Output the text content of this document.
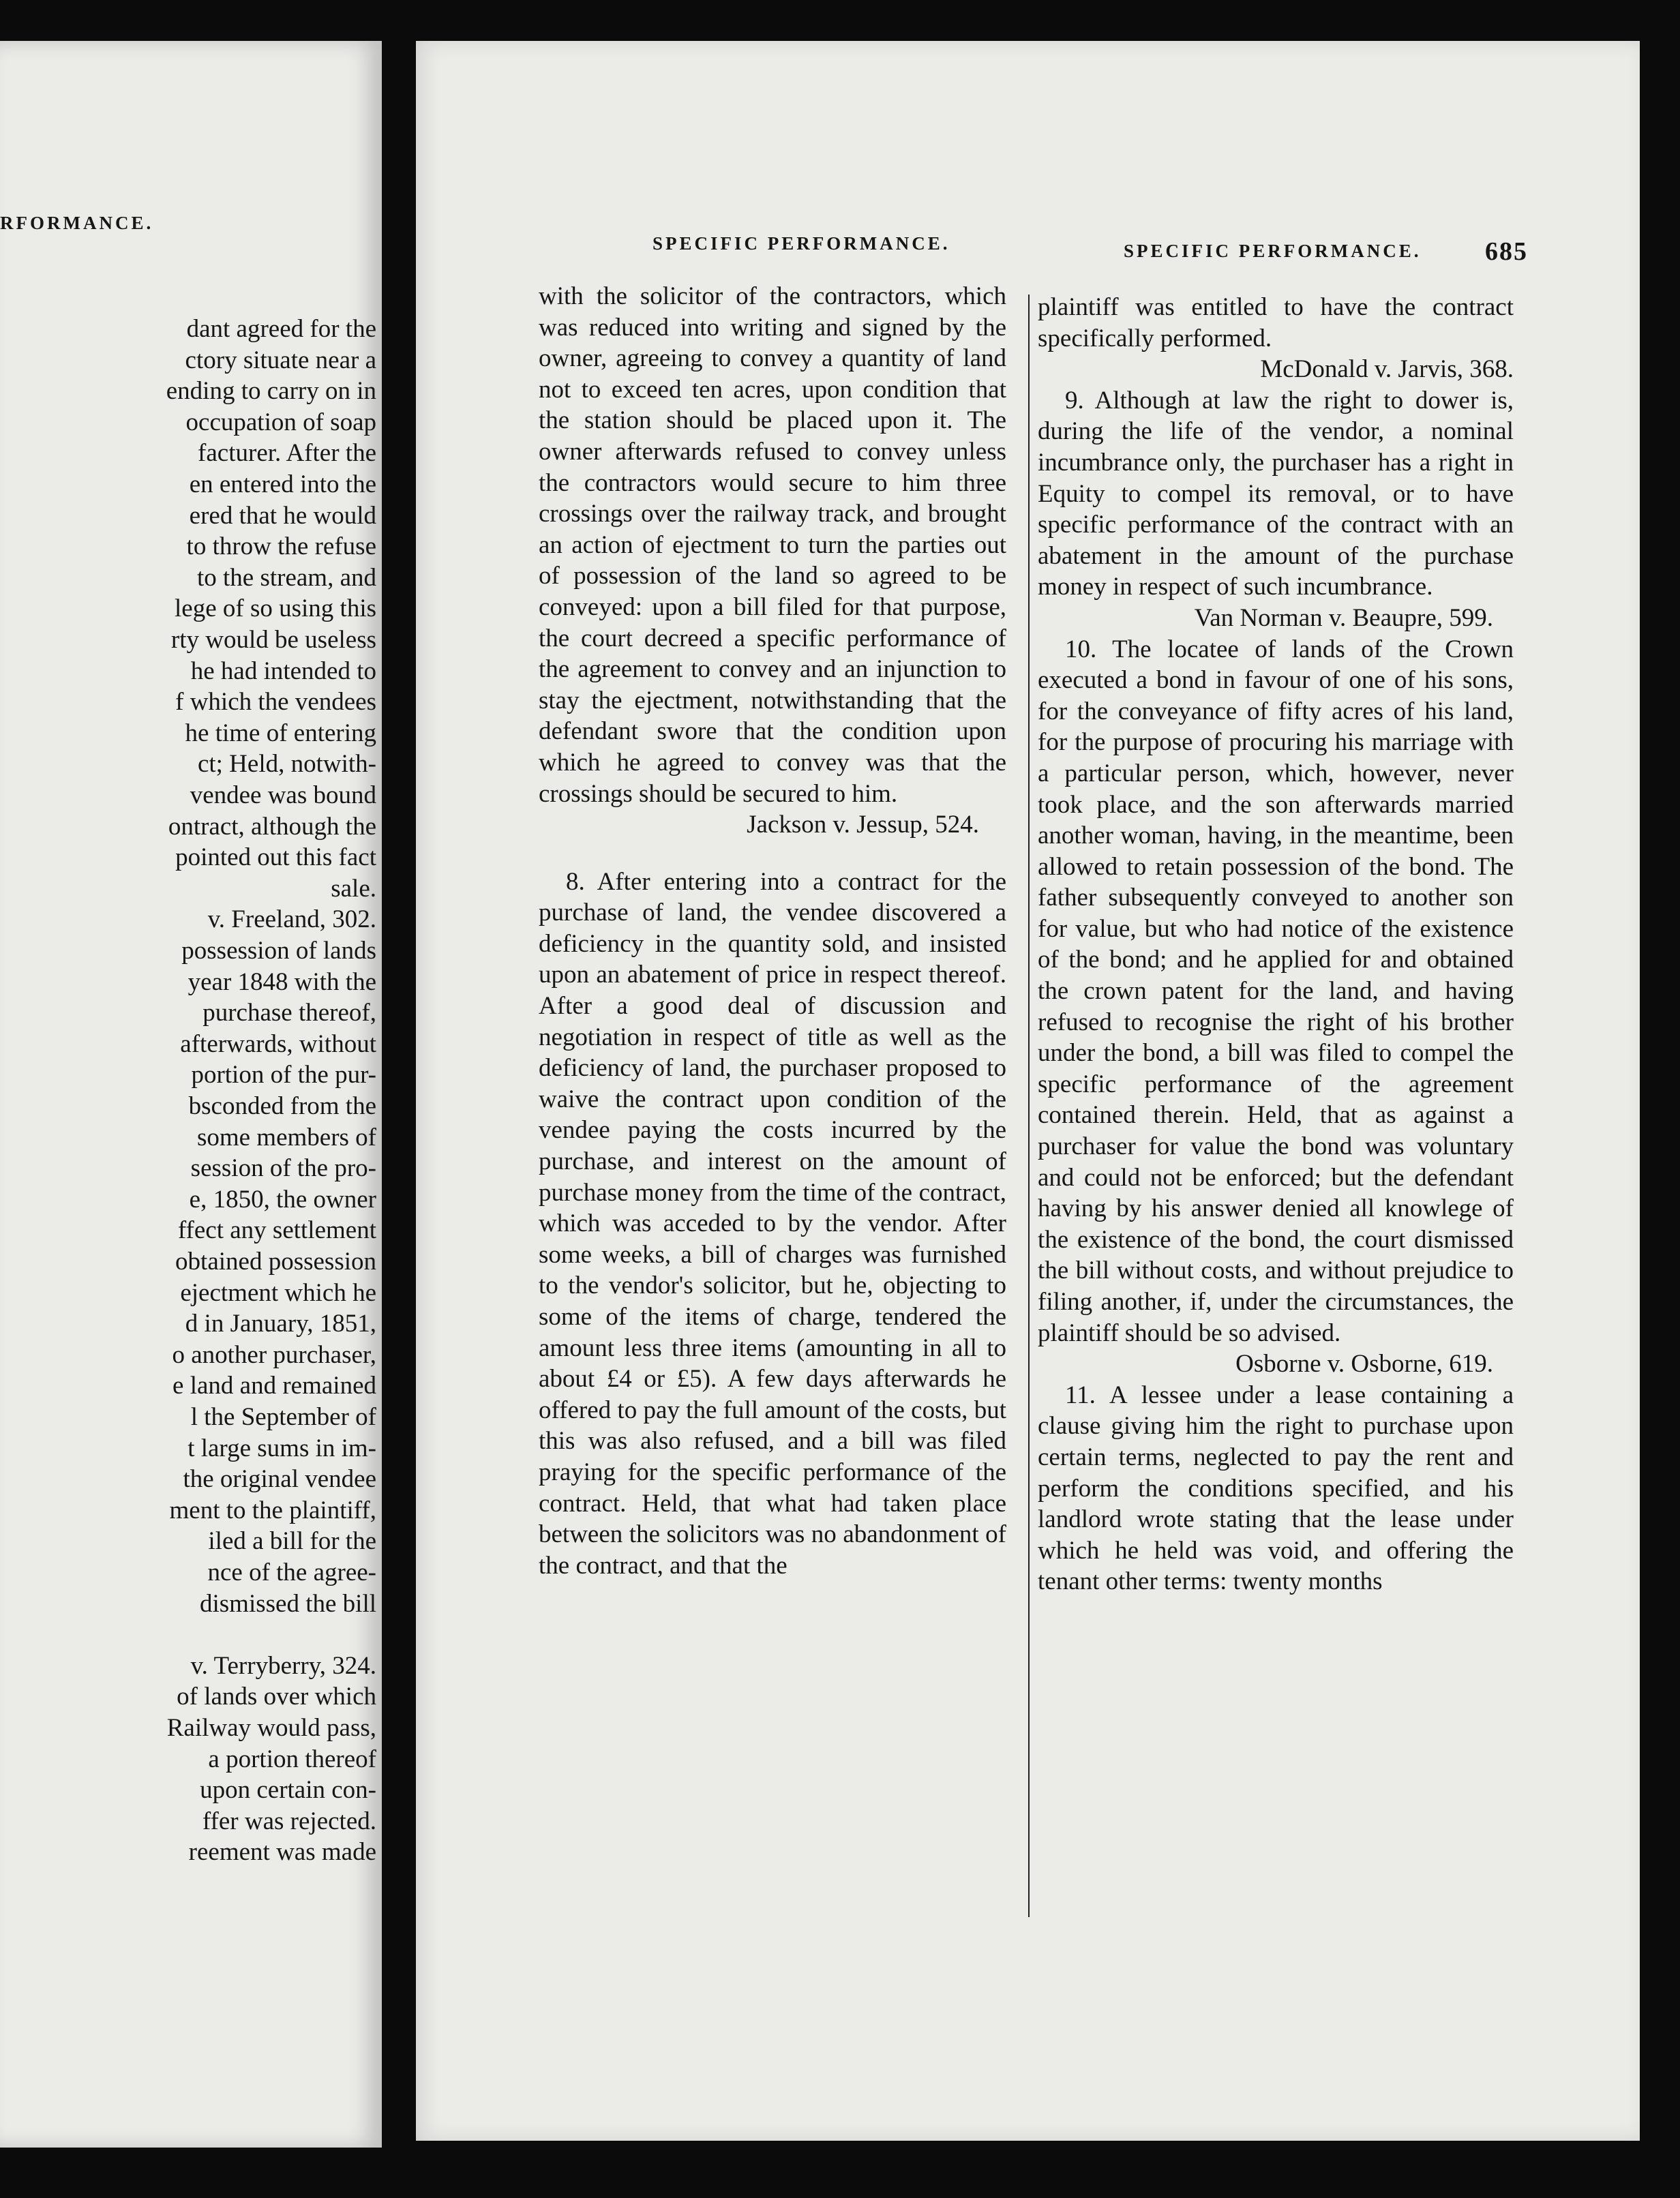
RFORMANCE.
dant agreed for the
ctory situate near a
ending to carry on in
occupation of soap
facturer. After the
en entered into the
ered that he would
to throw the refuse
to the stream, and
lege of so using this
rty would be useless
he had intended to
f which the vendees
he time of entering
ct; Held, notwith-
vendee was bound
ontract, although the
pointed out this fact
sale.
v. Freeland, 302.
possession of lands
year 1848 with the
purchase thereof,
afterwards, without
portion of the pur-
bsconded from the
some members of
session of the pro-
e, 1850, the owner
ffect any settlement
obtained possession
ejectment which he
d in January, 1851,
o another purchaser,
e land and remained
l the September of
t large sums in im-
the original vendee
ment to the plaintiff,
iled a bill for the
nce of the agree-
dismissed the bill
v. Terryberry, 324.
of lands over which
Railway would pass,
a portion thereof
upon certain con-
ffer was rejected.
reement was made
SPECIFIC PERFORMANCE.	SPECIFIC PERFORMANCE. 685

with the solicitor of the contractors, which was reduced into writing and signed by the owner, agreeing to convey a quantity of land not to exceed ten acres, upon condition that the station should be placed upon it. The owner afterwards refused to convey unless the contractors would secure to him three crossings over the railway track, and brought an action of ejectment to turn the parties out of possession of the land so agreed to be conveyed: upon a bill filed for that purpose, the court decreed a specific performance of the agreement to convey and an injunction to stay the ejectment, notwithstanding that the defendant swore that the condition upon which he agreed to convey was that the crossings should be secured to him.

Jackson v. Jessup, 524.

8. After entering into a contract for the purchase of land, the vendee discovered a deficiency in the quantity sold, and insisted upon an abatement of price in respect thereof. After a good deal of discussion and negotiation in respect of title as well as the deficiency of land, the purchaser proposed to waive the contract upon condition of the vendee paying the costs incurred by the purchase, and interest on the amount of purchase money from the time of the contract, which was acceded to by the vendor. After some weeks, a bill of charges was furnished to the vendor's solicitor, but he, objecting to some of the items of charge, tendered the amount less three items (amounting in all to about £4 or £5). A few days afterwards he offered to pay the full amount of the costs, but this was also refused, and a bill was filed praying for the specific performance of the contract. Held, that what had taken place between the solicitors was no abandonment of the contract, and that the

plaintiff was entitled to have the contract specifically performed.

McDonald v. Jarvis, 368.

9. Although at law the right to dower is, during the life of the vendor, a nominal incumbrance only, the purchaser has a right in Equity to compel its removal, or to have specific performance of the contract with an abatement in the amount of the purchase money in respect of such incumbrance.

Van Norman v. Beaupre, 599.

10. The locatee of lands of the Crown executed a bond in favour of one of his sons, for the conveyance of fifty acres of his land, for the purpose of procuring his marriage with a particular person, which, however, never took place, and the son afterwards married another woman, having, in the meantime, been allowed to retain possession of the bond. The father subsequently conveyed to another son for value, but who had notice of the existence of the bond; and he applied for and obtained the crown patent for the land, and having refused to recognise the right of his brother under the bond, a bill was filed to compel the specific performance of the agreement contained therein. Held, that as against a purchaser for value the bond was voluntary and could not be enforced; but the defendant having by his answer denied all knowlege of the existence of the bond, the court dismissed the bill without costs, and without prejudice to filing another, if, under the circumstances, the plaintiff should be so advised.

Osborne v. Osborne, 619.

11. A lessee under a lease containing a clause giving him the right to purchase upon certain terms, neglected to pay the rent and perform the conditions specified, and his landlord wrote stating that the lease under which he held was void, and offering the tenant other terms: twenty months
